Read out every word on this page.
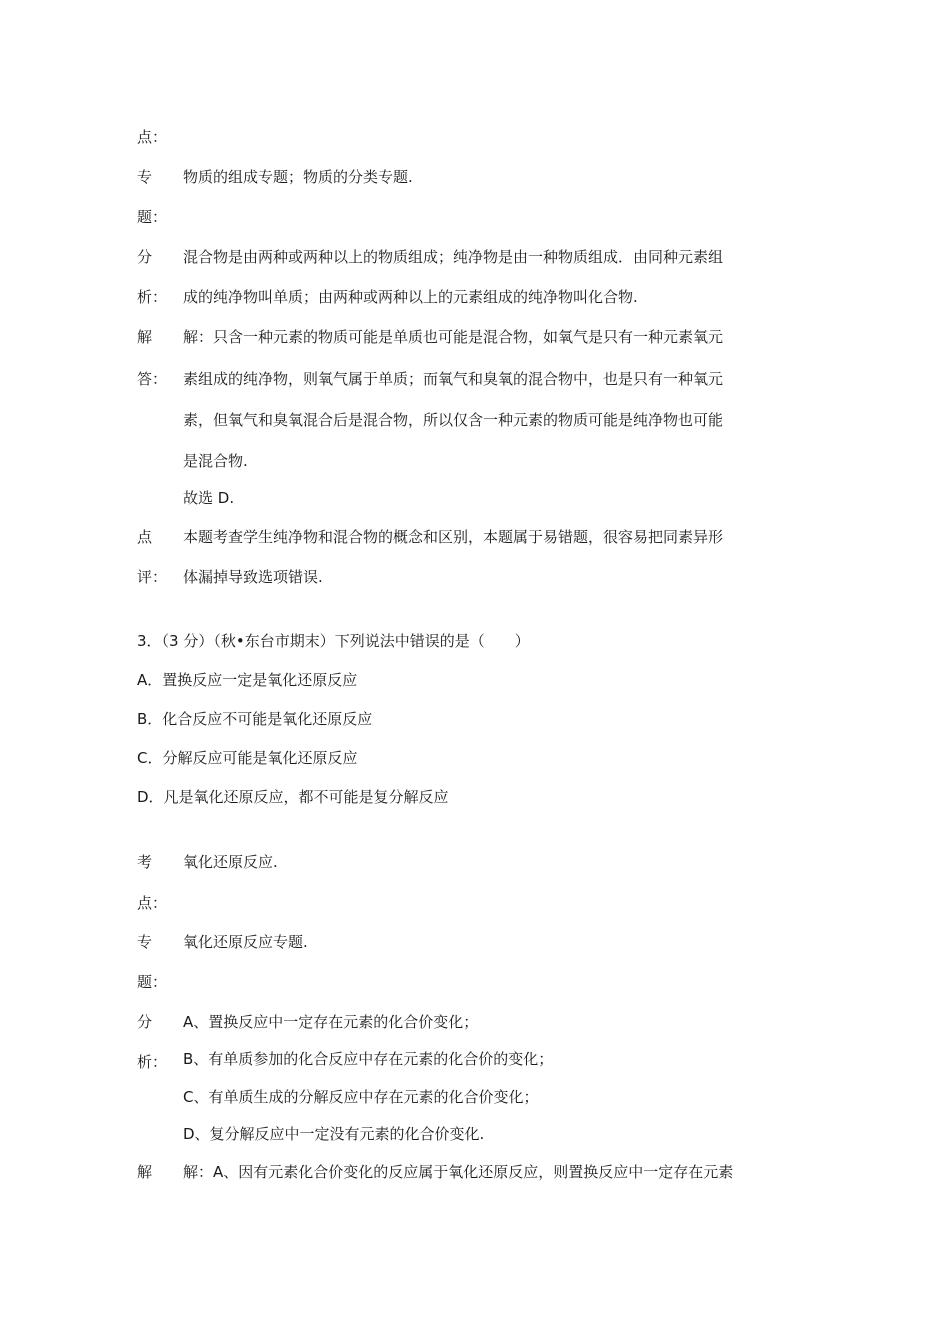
点：
专 物质的组成专题；物质的分类专题.
题：
分 混合物是由两种或两种以上的物质组成；纯净物是由一种物质组成．由同种元素组
析： 成的纯净物叫单质；由两种或两种以上的元素组成的纯净物叫化合物.
解 解：只含一种元素的物质可能是单质也可能是混合物，如氧气是只有一种元素氧元
答： 素组成的纯净物，则氧气属于单质；而氧气和臭氧的混合物中，也是只有一种氧元
素，但氧气和臭氧混合后是混合物，所以仅含一种元素的物质可能是纯净物也可能
是混合物.
故选 D.
点 本题考查学生纯净物和混合物的概念和区别，本题属于易错题，很容易把同素异形
评： 体漏掉导致选项错误.
3．（3 分）（秋•东台市期末）下列说法中错误的是（　　）
A．置换反应一定是氧化还原反应
B．化合反应不可能是氧化还原反应
C．分解反应可能是氧化还原反应
D．凡是氧化还原反应，都不可能是复分解反应
考 氧化还原反应.
点：
专 氧化还原反应专题.
题：
分 A、置换反应中一定存在元素的化合价变化；
B、有单质参加的化合反应中存在元素的化合价的变化；
析：
C、有单质生成的分解反应中存在元素的化合价变化；
D、复分解反应中一定没有元素的化合价变化.
解 解：A、因有元素化合价变化的反应属于氧化还原反应，则置换反应中一定存在元素
